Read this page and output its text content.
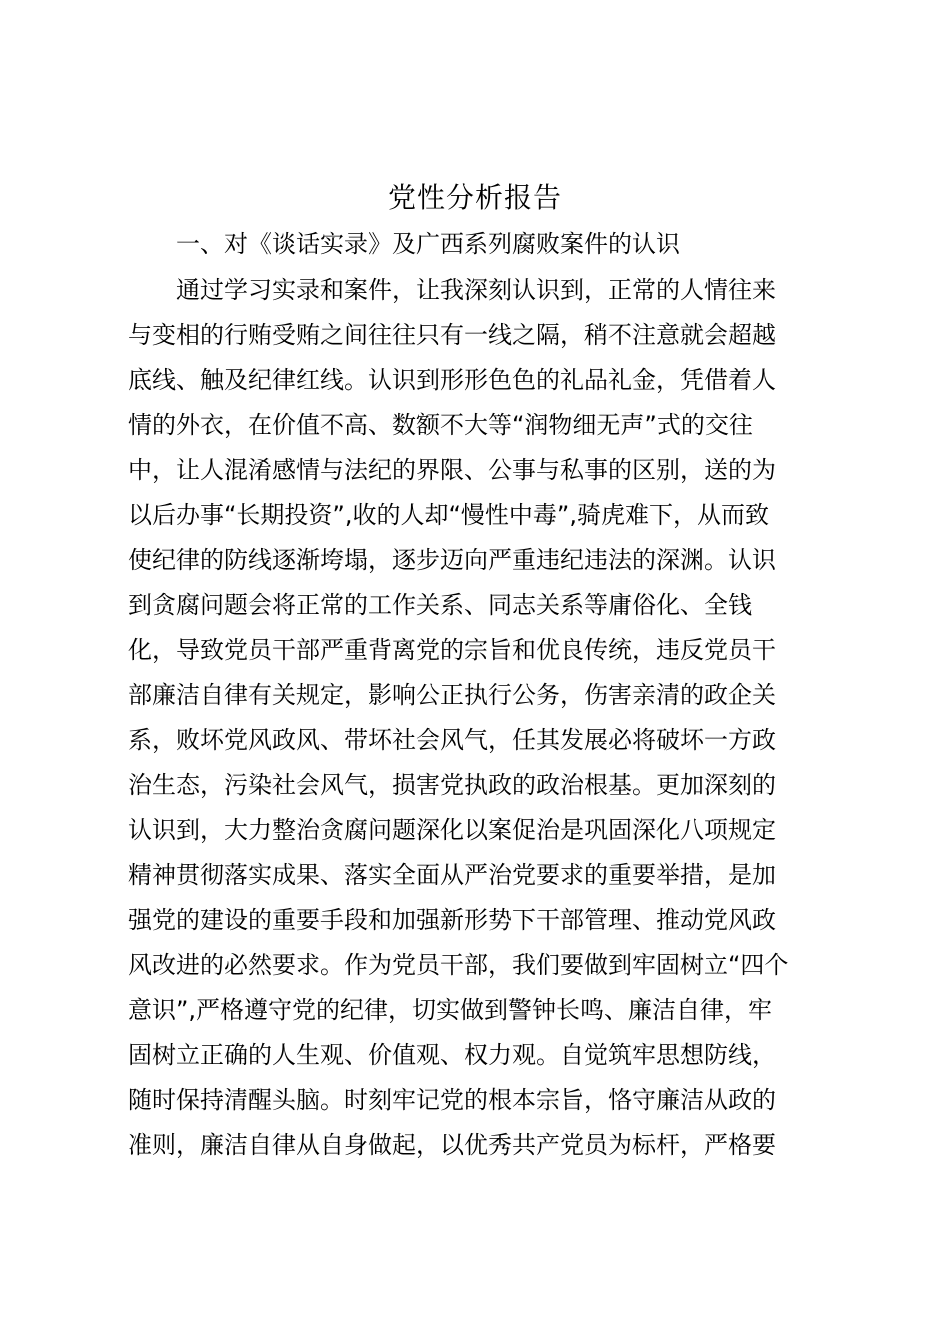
党性分析报告
一、对《谈话实录》及广西系列腐败案件的认识
通过学习实录和案件，让我深刻认识到，正常的人情往来
与变相的行贿受贿之间往往只有一线之隔，稍不注意就会超越
底线、触及纪律红线。认识到形形色色的礼品礼金，凭借着人
情的外衣，在价值不高、数额不大等“润物细无声”式的交往
中，让人混淆感情与法纪的界限、公事与私事的区别，送的为
以后办事“长期投资”,收的人却“慢性中毒”,骑虎难下，从而致
使纪律的防线逐渐垮塌，逐步迈向严重违纪违法的深渊。认识
到贪腐问题会将正常的工作关系、同志关系等庸俗化、全钱
化，导致党员干部严重背离党的宗旨和优良传统，违反党员干
部廉洁自律有关规定，影响公正执行公务，伤害亲清的政企关
系，败坏党风政风、带坏社会风气，任其发展必将破坏一方政
治生态，污染社会风气，损害党执政的政治根基。更加深刻的
认识到，大力整治贪腐问题深化以案促治是巩固深化八项规定
精神贯彻落实成果、落实全面从严治党要求的重要举措，是加
强党的建设的重要手段和加强新形势下干部管理、推动党风政
风改进的必然要求。作为党员干部，我们要做到牢固树立“四个
意识”,严格遵守党的纪律，切实做到警钟长鸣、廉洁自律，牢
固树立正确的人生观、价值观、权力观。自觉筑牢思想防线，
随时保持清醒头脑。时刻牢记党的根本宗旨，恪守廉洁从政的
准则，廉洁自律从自身做起，以优秀共产党员为标杆，严格要
